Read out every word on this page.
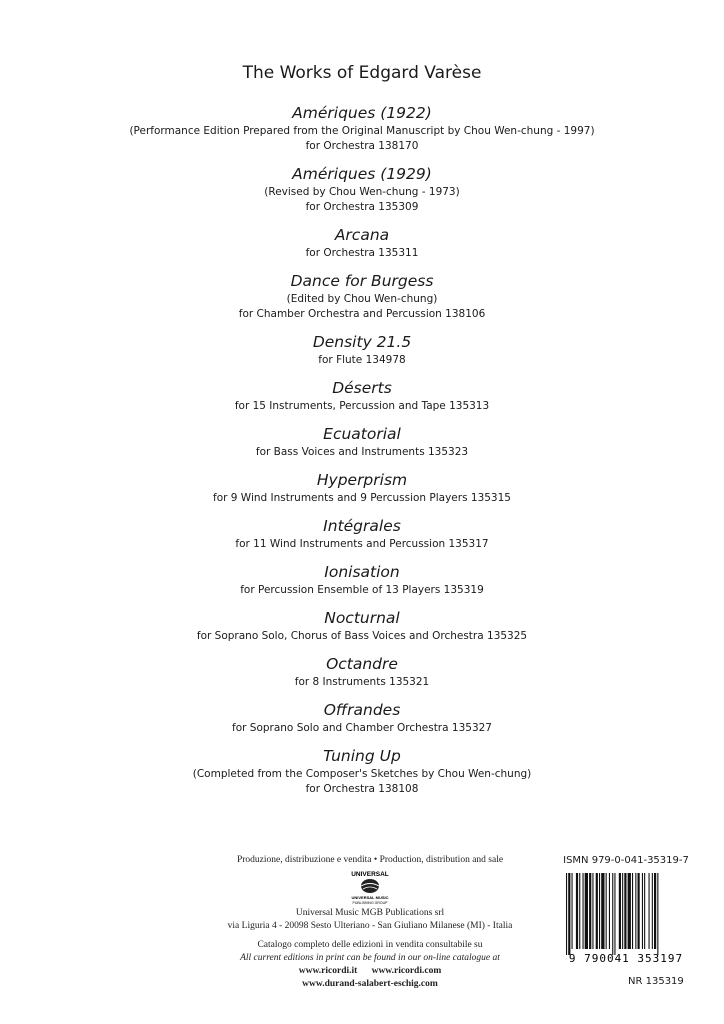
The Works of Edgard Varèse
Amériques (1922)
(Performance Edition Prepared from the Original Manuscript by Chou Wen-chung - 1997)
for Orchestra 138170
Amériques (1929)
(Revised by Chou Wen-chung - 1973)
for Orchestra 135309
Arcana
for Orchestra 135311
Dance for Burgess
(Edited by Chou Wen-chung)
for Chamber Orchestra and Percussion 138106
Density 21.5
for Flute 134978
Déserts
for 15 Instruments, Percussion and Tape 135313
Ecuatorial
for Bass Voices and Instruments 135323
Hyperprism
for 9 Wind Instruments and 9 Percussion Players 135315
Intégrales
for 11 Wind Instruments and Percussion 135317
Ionisation
for Percussion Ensemble of 13 Players 135319
Nocturnal
for Soprano Solo, Chorus of Bass Voices and Orchestra 135325
Octandre
for 8 Instruments 135321
Offrandes
for Soprano Solo and Chamber Orchestra 135327
Tuning Up
(Completed from the Composer's Sketches by Chou Wen-chung)
for Orchestra 138108
Produzione, distribuzione e vendita • Production, distribution and sale
UNIVERSAL
UNIVERSAL MUSIC
PUBLISHING GROUP
Universal Music MGB Publications srl
via Liguria 4 - 20098 Sesto Ulteriano - San Giuliano Milanese (MI) - Italia
Catalogo completo delle edizioni in vendita consultabile su
All current editions in print can be found in our on-line catalogue at
www.ricordi.it www.ricordi.com
www.durand-salabert-eschig.com
ISMN 979-0-041-35319-7
9 790041 353197
NR 135319
